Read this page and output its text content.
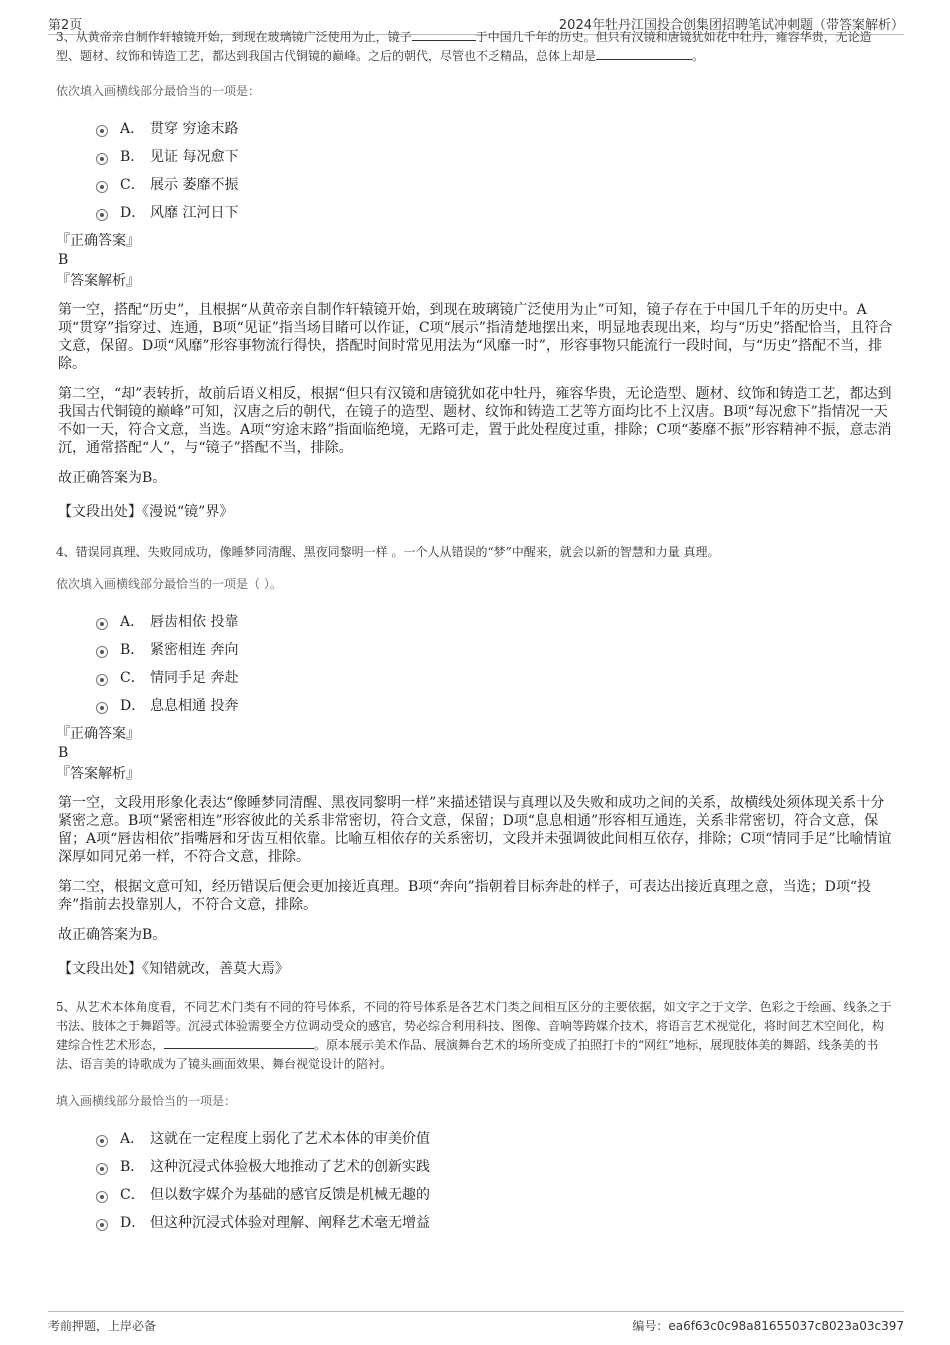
第2页	2024年牡丹江国投合创集团招聘笔试冲刺题（带答案解析）
3、从黄帝亲自制作轩辕镜开始，到现在玻璃镜广泛使用为止，镜子	于中国几千年的历史。但只有汉镜和唐镜犹如花中牡丹，雍容华贵，无论造型、题材、纹饰和铸造工艺，都达到我国古代铜镜的巅峰。之后的朝代，尽管也不乏精品，总体上却是	。
依次填入画横线部分最恰当的一项是：
A． 贯穿 穷途末路
B． 见证 每况愈下
C． 展示 萎靡不振
D． 风靡 江河日下
『正确答案』
B
『答案解析』

第一空，搭配“历史”，且根据“从黄帝亲自制作轩辕镜开始，到现在玻璃镜广泛使用为止”可知，镜子存在于中国几千年的历史中。A项“贯穿”指穿过、连通，B项“见证”指当场目睹可以作证，C项“展示”指清楚地摆出来，明显地表现出来，均与“历史”搭配恰当，且符合文意，保留。D项“风靡”形容事物流行得快，搭配时间时常见用法为“风靡一时”，形容事物只能流行一段时间，与“历史”搭配不当，排除。

第二空，“却”表转折，故前后语义相反，根据“但只有汉镜和唐镜犹如花中牡丹，雍容华贵，无论造型、题材、纹饰和铸造工艺，都达到我国古代铜镜的巅峰”可知，汉唐之后的朝代，在镜子的造型、题材、纹饰和铸造工艺等方面均比不上汉唐。B项“每况愈下”指情况一天不如一天，符合文意，当选。A项“穷途末路”指面临绝境，无路可走，置于此处程度过重，排除；C项“萎靡不振”形容精神不振，意志消沉，通常搭配“人”，与“镜子”搭配不当，排除。

故正确答案为B。

【文段出处】《漫说“镜”界》
4、错误同真理、失败同成功，像睡梦同清醒、黑夜同黎明一样 。一个人从错误的“梦”中醒来，就会以新的智慧和力量 真理。
依次填入画横线部分最恰当的一项是（ ）。
A． 唇齿相依 投靠
B． 紧密相连 奔向
C． 情同手足 奔赴
D． 息息相通 投奔
『正确答案』
B
『答案解析』

第一空，文段用形象化表达“像睡梦同清醒、黑夜同黎明一样”来描述错误与真理以及失败和成功之间的关系，故横线处须体现关系十分紧密之意。B项“紧密相连”形容彼此的关系非常密切，符合文意，保留；D项“息息相通”形容相互通连，关系非常密切，符合文意，保留；A项“唇齿相依”指嘴唇和牙齿互相依靠。比喻互相依存的关系密切，文段并未强调彼此间相互依存，排除；C项“情同手足”比喻情谊深厚如同兄弟一样，不符合文意，排除。

第二空，根据文意可知，经历错误后便会更加接近真理。B项“奔向”指朝着目标奔赴的样子，可表达出接近真理之意，当选；D项“投奔”指前去投靠别人，不符合文意，排除。

故正确答案为B。

【文段出处】《知错就改，善莫大焉》
5、从艺术本体角度看，不同艺术门类有不同的符号体系，不同的符号体系是各艺术门类之间相互区分的主要依据，如文字之于文学、色彩之于绘画、线条之于书法、肢体之于舞蹈等。沉浸式体验需要全方位调动受众的感官，势必综合利用科技、图像、音响等跨媒介技术，将语言艺术视觉化，将时间艺术空间化，构建综合性艺术形态，	。原本展示美术作品、展演舞台艺术的场所变成了拍照打卡的“网红”地标，展现肢体美的舞蹈、线条美的书法、语言美的诗歌成为了镜头画面效果、舞台视觉设计的陪衬。
填入画横线部分最恰当的一项是：
A． 这就在一定程度上弱化了艺术本体的审美价值
B． 这种沉浸式体验极大地推动了艺术的创新实践
C． 但以数字媒介为基础的感官反馈是机械无趣的
D． 但这种沉浸式体验对理解、阐释艺术毫无增益
考前押题，上岸必备	编号：ea6f63c0c98a81655037c8023a03c397
